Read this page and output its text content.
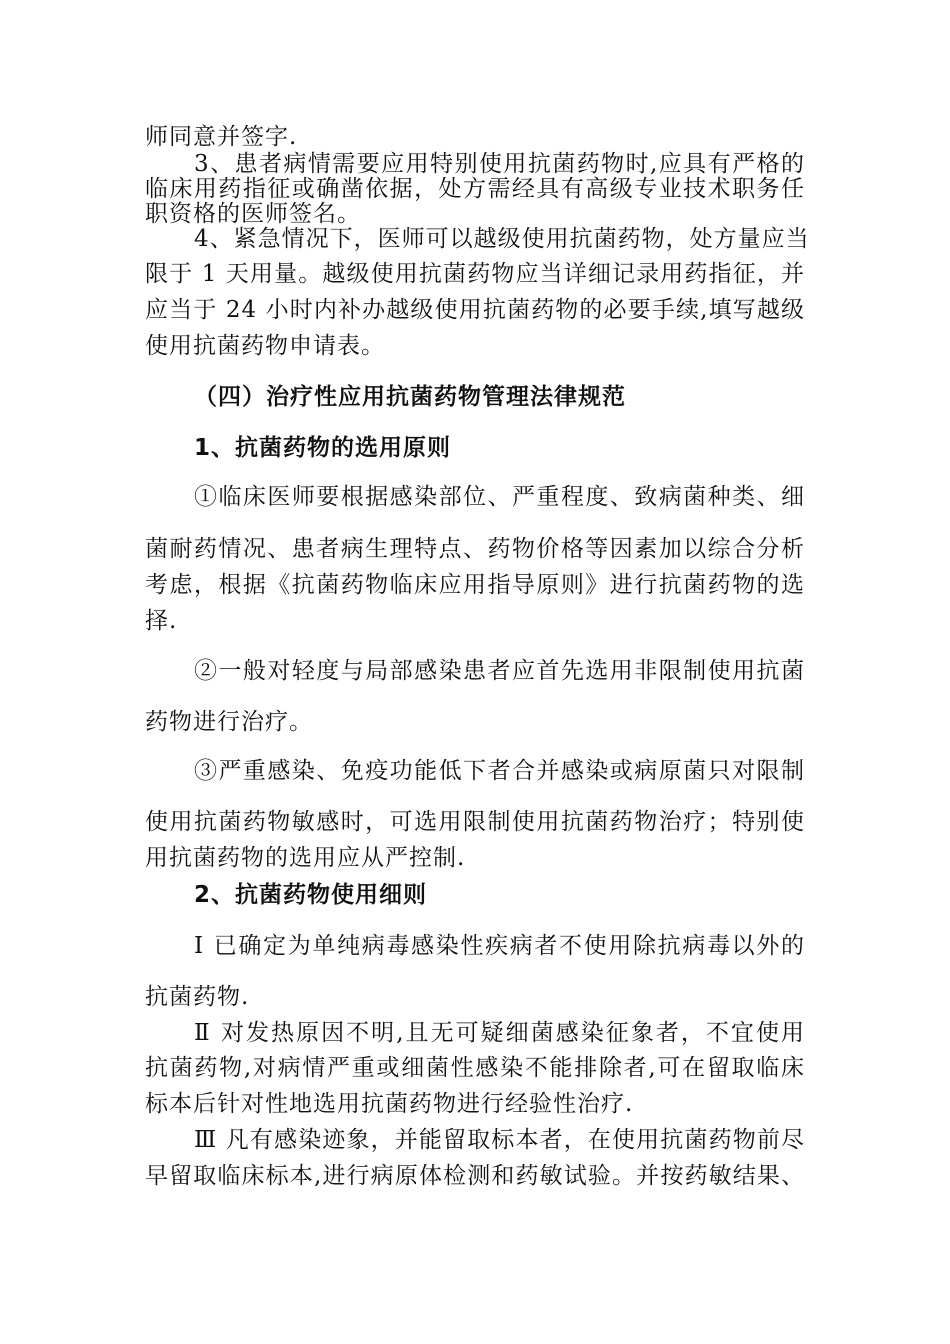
师同意并签字.
3、患者病情需要应用特别使用抗菌药物时,应具有严格的
临床用药指征或确凿依据，处方需经具有高级专业技术职务任
职资格的医师签名。
4、紧急情况下，医师可以越级使用抗菌药物，处方量应当
限于 1 天用量。越级使用抗菌药物应当详细记录用药指征，并
应当于 24 小时内补办越级使用抗菌药物的必要手续,填写越级
使用抗菌药物申请表。
（四）治疗性应用抗菌药物管理法律规范
1、抗菌药物的选用原则
①临床医师要根据感染部位、严重程度、致病菌种类、细
菌耐药情况、患者病生理特点、药物价格等因素加以综合分析
考虑，根据《抗菌药物临床应用指导原则》进行抗菌药物的选
择.
②一般对轻度与局部感染患者应首先选用非限制使用抗菌
药物进行治疗。
③严重感染、免疫功能低下者合并感染或病原菌只对限制
使用抗菌药物敏感时，可选用限制使用抗菌药物治疗；特别使
用抗菌药物的选用应从严控制.
2、抗菌药物使用细则
Ⅰ 已确定为单纯病毒感染性疾病者不使用除抗病毒以外的
抗菌药物.
Ⅱ 对发热原因不明,且无可疑细菌感染征象者，不宜使用
抗菌药物,对病情严重或细菌性感染不能排除者,可在留取临床
标本后针对性地选用抗菌药物进行经验性治疗.
Ⅲ 凡有感染迹象，并能留取标本者，在使用抗菌药物前尽
早留取临床标本,进行病原体检测和药敏试验。并按药敏结果、
